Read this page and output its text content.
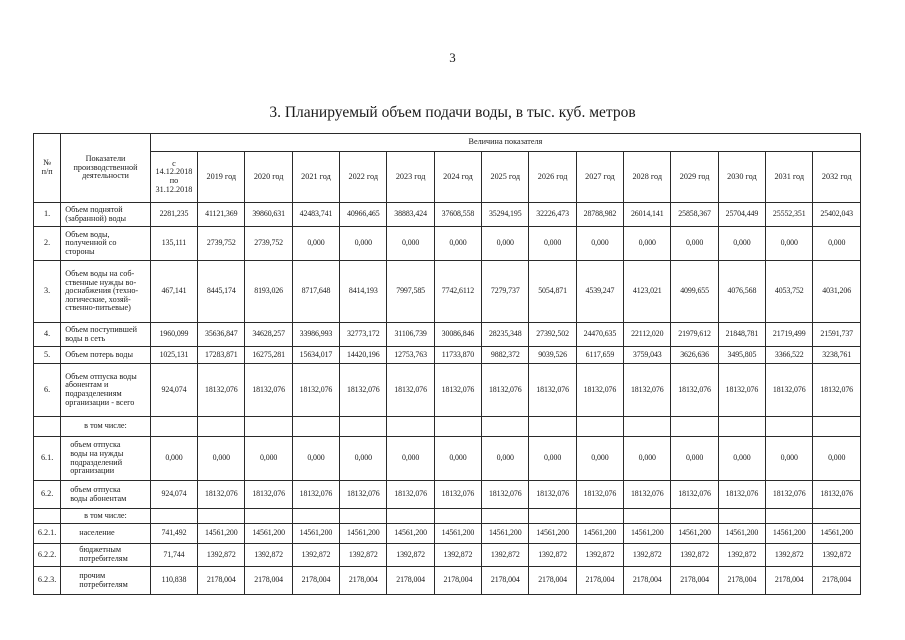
3
3. Планируемый объем подачи воды, в тыс. куб. метров
№
п/п	Показатели
производственной
деятельности	Величина показателя														
		с
14.12.2018
по
31.12.2018	2019 год	2020 год	2021 год	2022 год	2023 год	2024 год	2025 год	2026 год	2027 год	2028 год	2029 год	2030 год	2031 год	2032 год
1.	Объем поднятой
(забранной) воды	2281,235	41121,369	39860,631	42483,741	40966,465	38883,424	37608,558	35294,195	32226,473	28788,982	26014,141	25858,367	25704,449	25552,351	25402,043
2.	Объем воды,
полученной со
стороны	135,111	2739,752	2739,752	0,000	0,000	0,000	0,000	0,000	0,000	0,000	0,000	0,000	0,000	0,000	0,000
3.	Объем воды на соб-
ственные нужды во-
доснабжения (техно-
логические, хозяй-
ственно-питьевые)	467,141	8445,174	8193,026	8717,648	8414,193	7997,585	7742,6112	7279,737	5054,871	4539,247	4123,021	4099,655	4076,568	4053,752	4031,206
4.	Объем поступившей
воды в сеть	1960,099	35636,847	34628,257	33986,993	32773,172	31106,739	30086,846	28235,348	27392,502	24470,635	22112,020	21979,612	21848,781	21719,499	21591,737
5.	Объем потерь воды	1025,131	17283,871	16275,281	15634,017	14420,196	12753,763	11733,870	9882,372	9039,526	6117,659	3759,043	3626,636	3495,805	3366,522	3238,761
6.	Объем отпуска воды
абонентам и
подразделениям
организации - всего	924,074	18132,076	18132,076	18132,076	18132,076	18132,076	18132,076	18132,076	18132,076	18132,076	18132,076	18132,076	18132,076	18132,076	18132,076
	в том числе:															
6.1.	объем отпуска
воды на нужды
подразделений
организации	0,000	0,000	0,000	0,000	0,000	0,000	0,000	0,000	0,000	0,000	0,000	0,000	0,000	0,000	0,000
6.2.	объем отпуска
воды абонентам	924,074	18132,076	18132,076	18132,076	18132,076	18132,076	18132,076	18132,076	18132,076	18132,076	18132,076	18132,076	18132,076	18132,076	18132,076
	в том числе:															
6.2.1.	население	741,492	14561,200	14561,200	14561,200	14561,200	14561,200	14561,200	14561,200	14561,200	14561,200	14561,200	14561,200	14561,200	14561,200	14561,200
6.2.2.	бюджетным
потребителям	71,744	1392,872	1392,872	1392,872	1392,872	1392,872	1392,872	1392,872	1392,872	1392,872	1392,872	1392,872	1392,872	1392,872	1392,872
6.2.3.	прочим
потребителям	110,838	2178,004	2178,004	2178,004	2178,004	2178,004	2178,004	2178,004	2178,004	2178,004	2178,004	2178,004	2178,004	2178,004	2178,004
